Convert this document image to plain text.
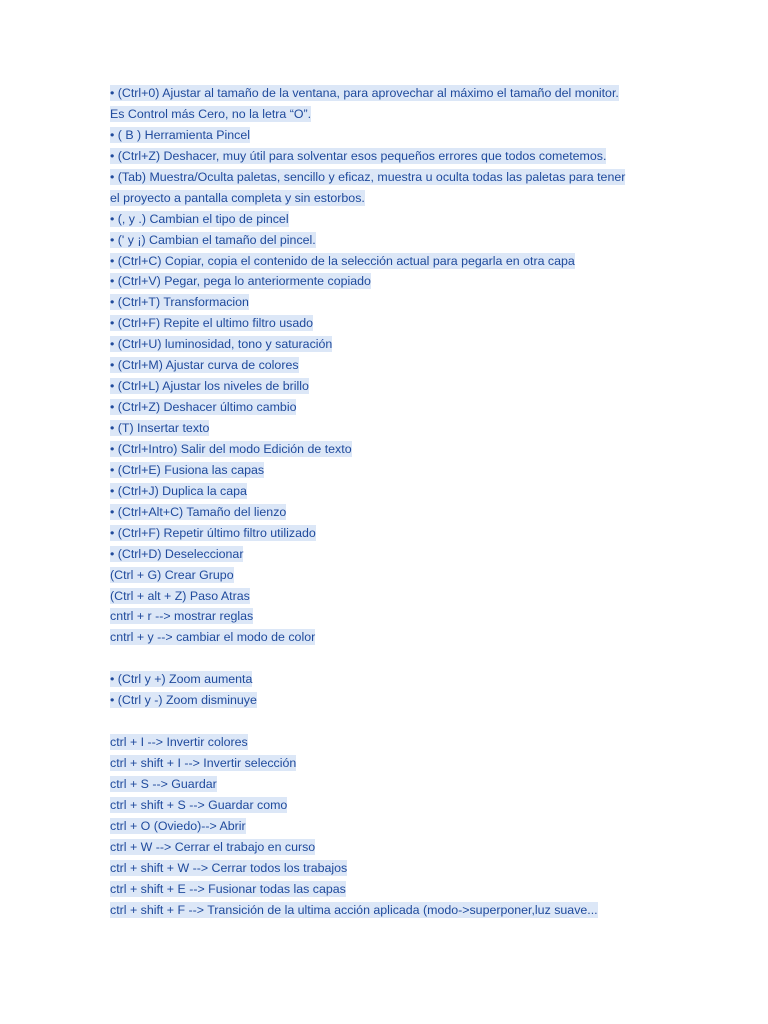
• (Ctrl+0) Ajustar al tamaño de la ventana, para aprovechar al máximo el tamaño del monitor.
Es Control más Cero, no la letra “O”.
• ( B ) Herramienta Pincel
• (Ctrl+Z) Deshacer, muy útil para solventar esos pequeños errores que todos cometemos.
• (Tab) Muestra/Oculta paletas, sencillo y eficaz, muestra u oculta todas las paletas para tener
el proyecto a pantalla completa y sin estorbos.
• (, y .) Cambian el tipo de pincel
• (' y ¡) Cambian el tamaño del pincel.
• (Ctrl+C) Copiar, copia el contenido de la selección actual para pegarla en otra capa
• (Ctrl+V) Pegar, pega lo anteriormente copiado
• (Ctrl+T) Transformacion
• (Ctrl+F) Repite el ultimo filtro usado
• (Ctrl+U) luminosidad, tono y saturación
• (Ctrl+M) Ajustar curva de colores
• (Ctrl+L) Ajustar los niveles de brillo
• (Ctrl+Z) Deshacer último cambio
• (T) Insertar texto
• (Ctrl+Intro) Salir del modo Edición de texto
• (Ctrl+E) Fusiona las capas
• (Ctrl+J) Duplica la capa
• (Ctrl+Alt+C) Tamaño del lienzo
• (Ctrl+F) Repetir último filtro utilizado
• (Ctrl+D) Deseleccionar
(Ctrl + G) Crear Grupo
(Ctrl + alt + Z) Paso Atras
cntrl + r --> mostrar reglas
cntrl + y --> cambiar el modo de color
• (Ctrl y +) Zoom aumenta
• (Ctrl y -) Zoom disminuye
ctrl + I --> Invertir colores
ctrl + shift + I --> Invertir selección
ctrl + S --> Guardar
ctrl + shift + S --> Guardar como
ctrl + O (Oviedo)--> Abrir
ctrl + W --> Cerrar el trabajo en curso
ctrl + shift + W --> Cerrar todos los trabajos
ctrl + shift + E --> Fusionar todas las capas
ctrl + shift + F --> Transición de la ultima acción aplicada (modo->superponer,luz suave...
